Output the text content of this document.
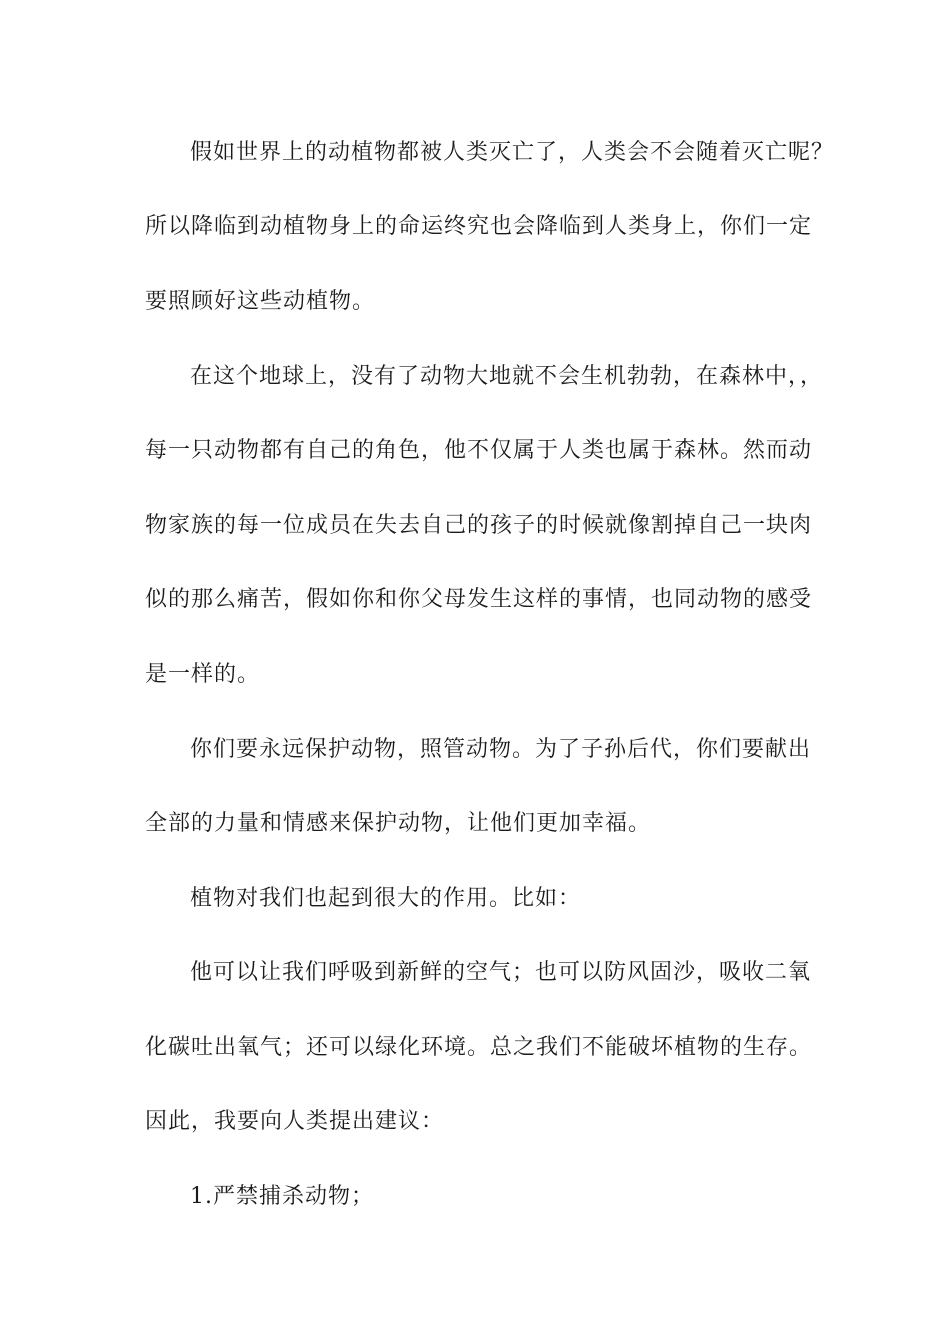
假如世界上的动植物都被人类灭亡了，人类会不会随着灭亡呢？
所以降临到动植物身上的命运终究也会降临到人类身上，你们一定
要照顾好这些动植物。
在这个地球上，没有了动物大地就不会生机勃勃，在森林中，，
每一只动物都有自己的角色，他不仅属于人类也属于森林。然而动
物家族的每一位成员在失去自己的孩子的时候就像割掉自己一块肉
似的那么痛苦，假如你和你父母发生这样的事情，也同动物的感受
是一样的。
你们要永远保护动物，照管动物。为了子孙后代，你们要献出
全部的力量和情感来保护动物，让他们更加幸福。
植物对我们也起到很大的作用。比如：
他可以让我们呼吸到新鲜的空气；也可以防风固沙，吸收二氧
化碳吐出氧气；还可以绿化环境。总之我们不能破坏植物的生存。
因此，我要向人类提出建议：
1.严禁捕杀动物；
